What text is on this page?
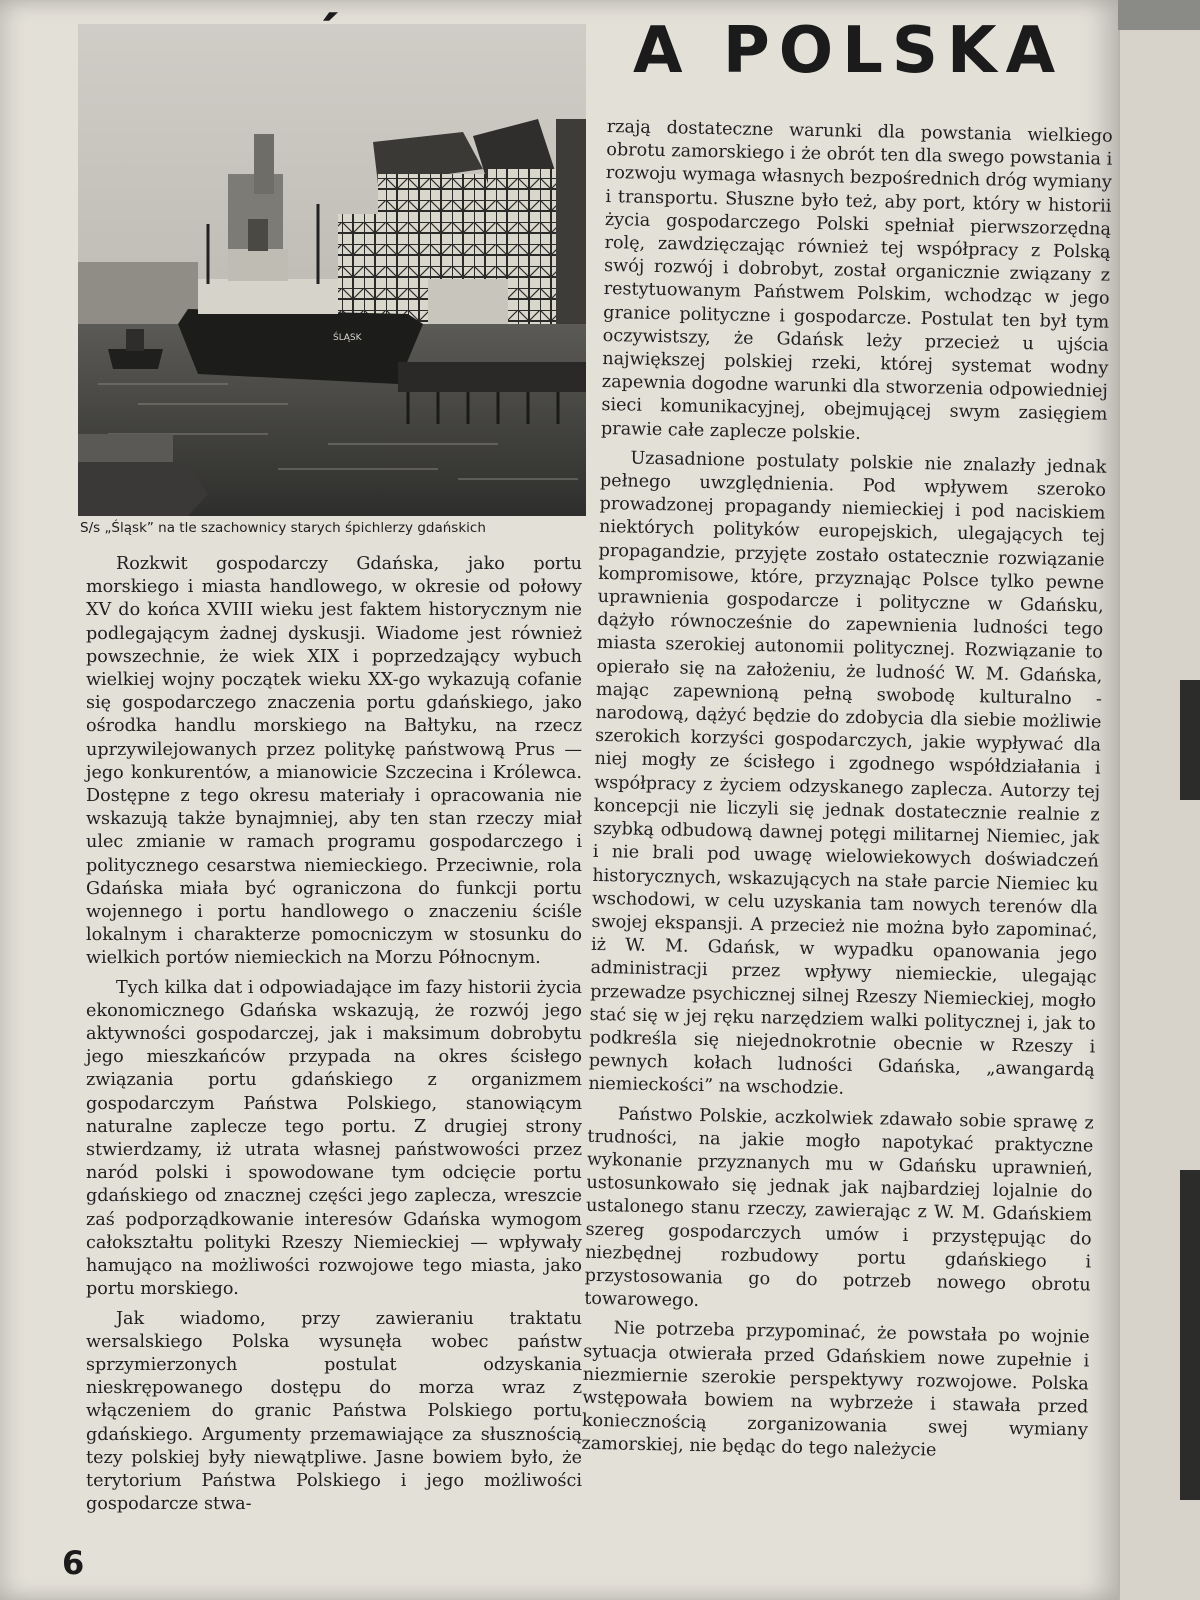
A POLSKA
ŚLĄSK
S/s „Śląsk” na tle szachownicy starych śpichlerzy gdańskich

Rozkwit gospodarczy Gdańska, jako portu morskiego i miasta handlowego, w okresie od połowy XV do końca XVIII wieku jest faktem historycznym nie podlegającym żadnej dyskusji. Wiadome jest również powszechnie, że wiek XIX i poprzedzający wybuch wielkiej wojny początek wieku XX-go wykazują cofanie się gospodarczego znaczenia portu gdańskiego, jako ośrodka handlu morskiego na Bałtyku, na rzecz uprzywilejowanych przez politykę państwową Prus — jego konkurentów, a mianowicie Szczecina i Królewca. Dostępne z tego okresu materiały i opracowania nie wskazują także bynajmniej, aby ten stan rzeczy miał ulec zmianie w ramach programu gospodarczego i politycznego cesarstwa niemieckiego. Przeciwnie, rola Gdańska miała być ograniczona do funkcji portu wojennego i portu handlowego o znaczeniu ściśle lokalnym i charakterze pomocniczym w stosunku do wielkich portów niemieckich na Morzu Północnym.

Tych kilka dat i odpowiadające im fazy historii życia ekonomicznego Gdańska wskazują, że rozwój jego aktywności gospodarczej, jak i maksimum dobrobytu jego mieszkańców przypada na okres ścisłego związania portu gdańskiego z organizmem gospodarczym Państwa Polskiego, stanowiącym naturalne zaplecze tego portu. Z drugiej strony stwierdzamy, iż utrata własnej państwowości przez naród polski i spowodowane tym odcięcie portu gdańskiego od znacznej części jego zaplecza, wreszcie zaś podporządkowanie interesów Gdańska wymogom całokształtu polityki Rzeszy Niemieckiej — wpływały hamująco na możliwości rozwojowe tego miasta, jako portu morskiego.

Jak wiadomo, przy zawieraniu traktatu wersalskiego Polska wysunęła wobec państw sprzymierzonych postulat odzyskania nieskrępowanego dostępu do morza wraz z włączeniem do granic Państwa Polskiego portu gdańskiego. Argumenty przemawiające za słusznością tezy polskiej były niewątpliwe. Jasne bowiem było, że terytorium Państwa Polskiego i jego możliwości gospodarcze stwa-

rzają dostateczne warunki dla powstania wielkiego obrotu zamorskiego i że obrót ten dla swego powstania i rozwoju wymaga własnych bezpośrednich dróg wymiany i transportu. Słuszne było też, aby port, który w historii życia gospodarczego Polski spełniał pierwszorzędną rolę, zawdzięczając również tej współpracy z Polską swój rozwój i dobrobyt, został organicznie związany z restytuowanym Państwem Polskim, wchodząc w jego granice polityczne i gospodarcze. Postulat ten był tym oczywistszy, że Gdańsk leży przecież u ujścia największej polskiej rzeki, której systemat wodny zapewnia dogodne warunki dla stworzenia odpowiedniej sieci komunikacyjnej, obejmującej swym zasięgiem prawie całe zaplecze polskie.

Uzasadnione postulaty polskie nie znalazły jednak pełnego uwzględnienia. Pod wpływem szeroko prowadzonej propagandy niemieckiej i pod naciskiem niektórych polityków europejskich, ulegających tej propagandzie, przyjęte zostało ostatecznie rozwiązanie kompromisowe, które, przyznając Polsce tylko pewne uprawnienia gospodarcze i polityczne w Gdańsku, dążyło równocześnie do zapewnienia ludności tego miasta szerokiej autonomii politycznej. Rozwiązanie to opierało się na założeniu, że ludność W. M. Gdańska, mając zapewnioną pełną swobodę kulturalno - narodową, dążyć będzie do zdobycia dla siebie możliwie szerokich korzyści gospodarczych, jakie wypływać dla niej mogły ze ścisłego i zgodnego współdziałania i współpracy z życiem odzyskanego zaplecza. Autorzy tej koncepcji nie liczyli się jednak dostatecznie realnie z szybką odbudową dawnej potęgi militarnej Niemiec, jak i nie brali pod uwagę wielowiekowych doświadczeń historycznych, wskazujących na stałe parcie Niemiec ku wschodowi, w celu uzyskania tam nowych terenów dla swojej ekspansji. A przecież nie można było zapominać, iż W. M. Gdańsk, w wypadku opanowania jego administracji przez wpływy niemieckie, ulegając przewadze psychicznej silnej Rzeszy Niemieckiej, mogło stać się w jej ręku narzędziem walki politycznej i, jak to podkreśla się niejednokrotnie obecnie w Rzeszy i pewnych kołach ludności Gdańska, „awangardą niemieckości” na wschodzie.

Państwo Polskie, aczkolwiek zdawało sobie sprawę z trudności, na jakie mogło napotykać praktyczne wykonanie przyznanych mu w Gdańsku uprawnień, ustosunkowało się jednak jak najbardziej lojalnie do ustalonego stanu rzeczy, zawierając z W. M. Gdańskiem szereg gospodarczych umów i przystępując do niezbędnej rozbudowy portu gdańskiego i przystosowania go do potrzeb nowego obrotu towarowego.

Nie potrzeba przypominać, że powstała po wojnie sytuacja otwierała przed Gdańskiem nowe zupełnie i niezmiernie szerokie perspektywy rozwojowe. Polska wstępowała bowiem na wybrzeże i stawała przed koniecznością zorganizowania swej wymiany zamorskiej, nie będąc do tego należycie

6
